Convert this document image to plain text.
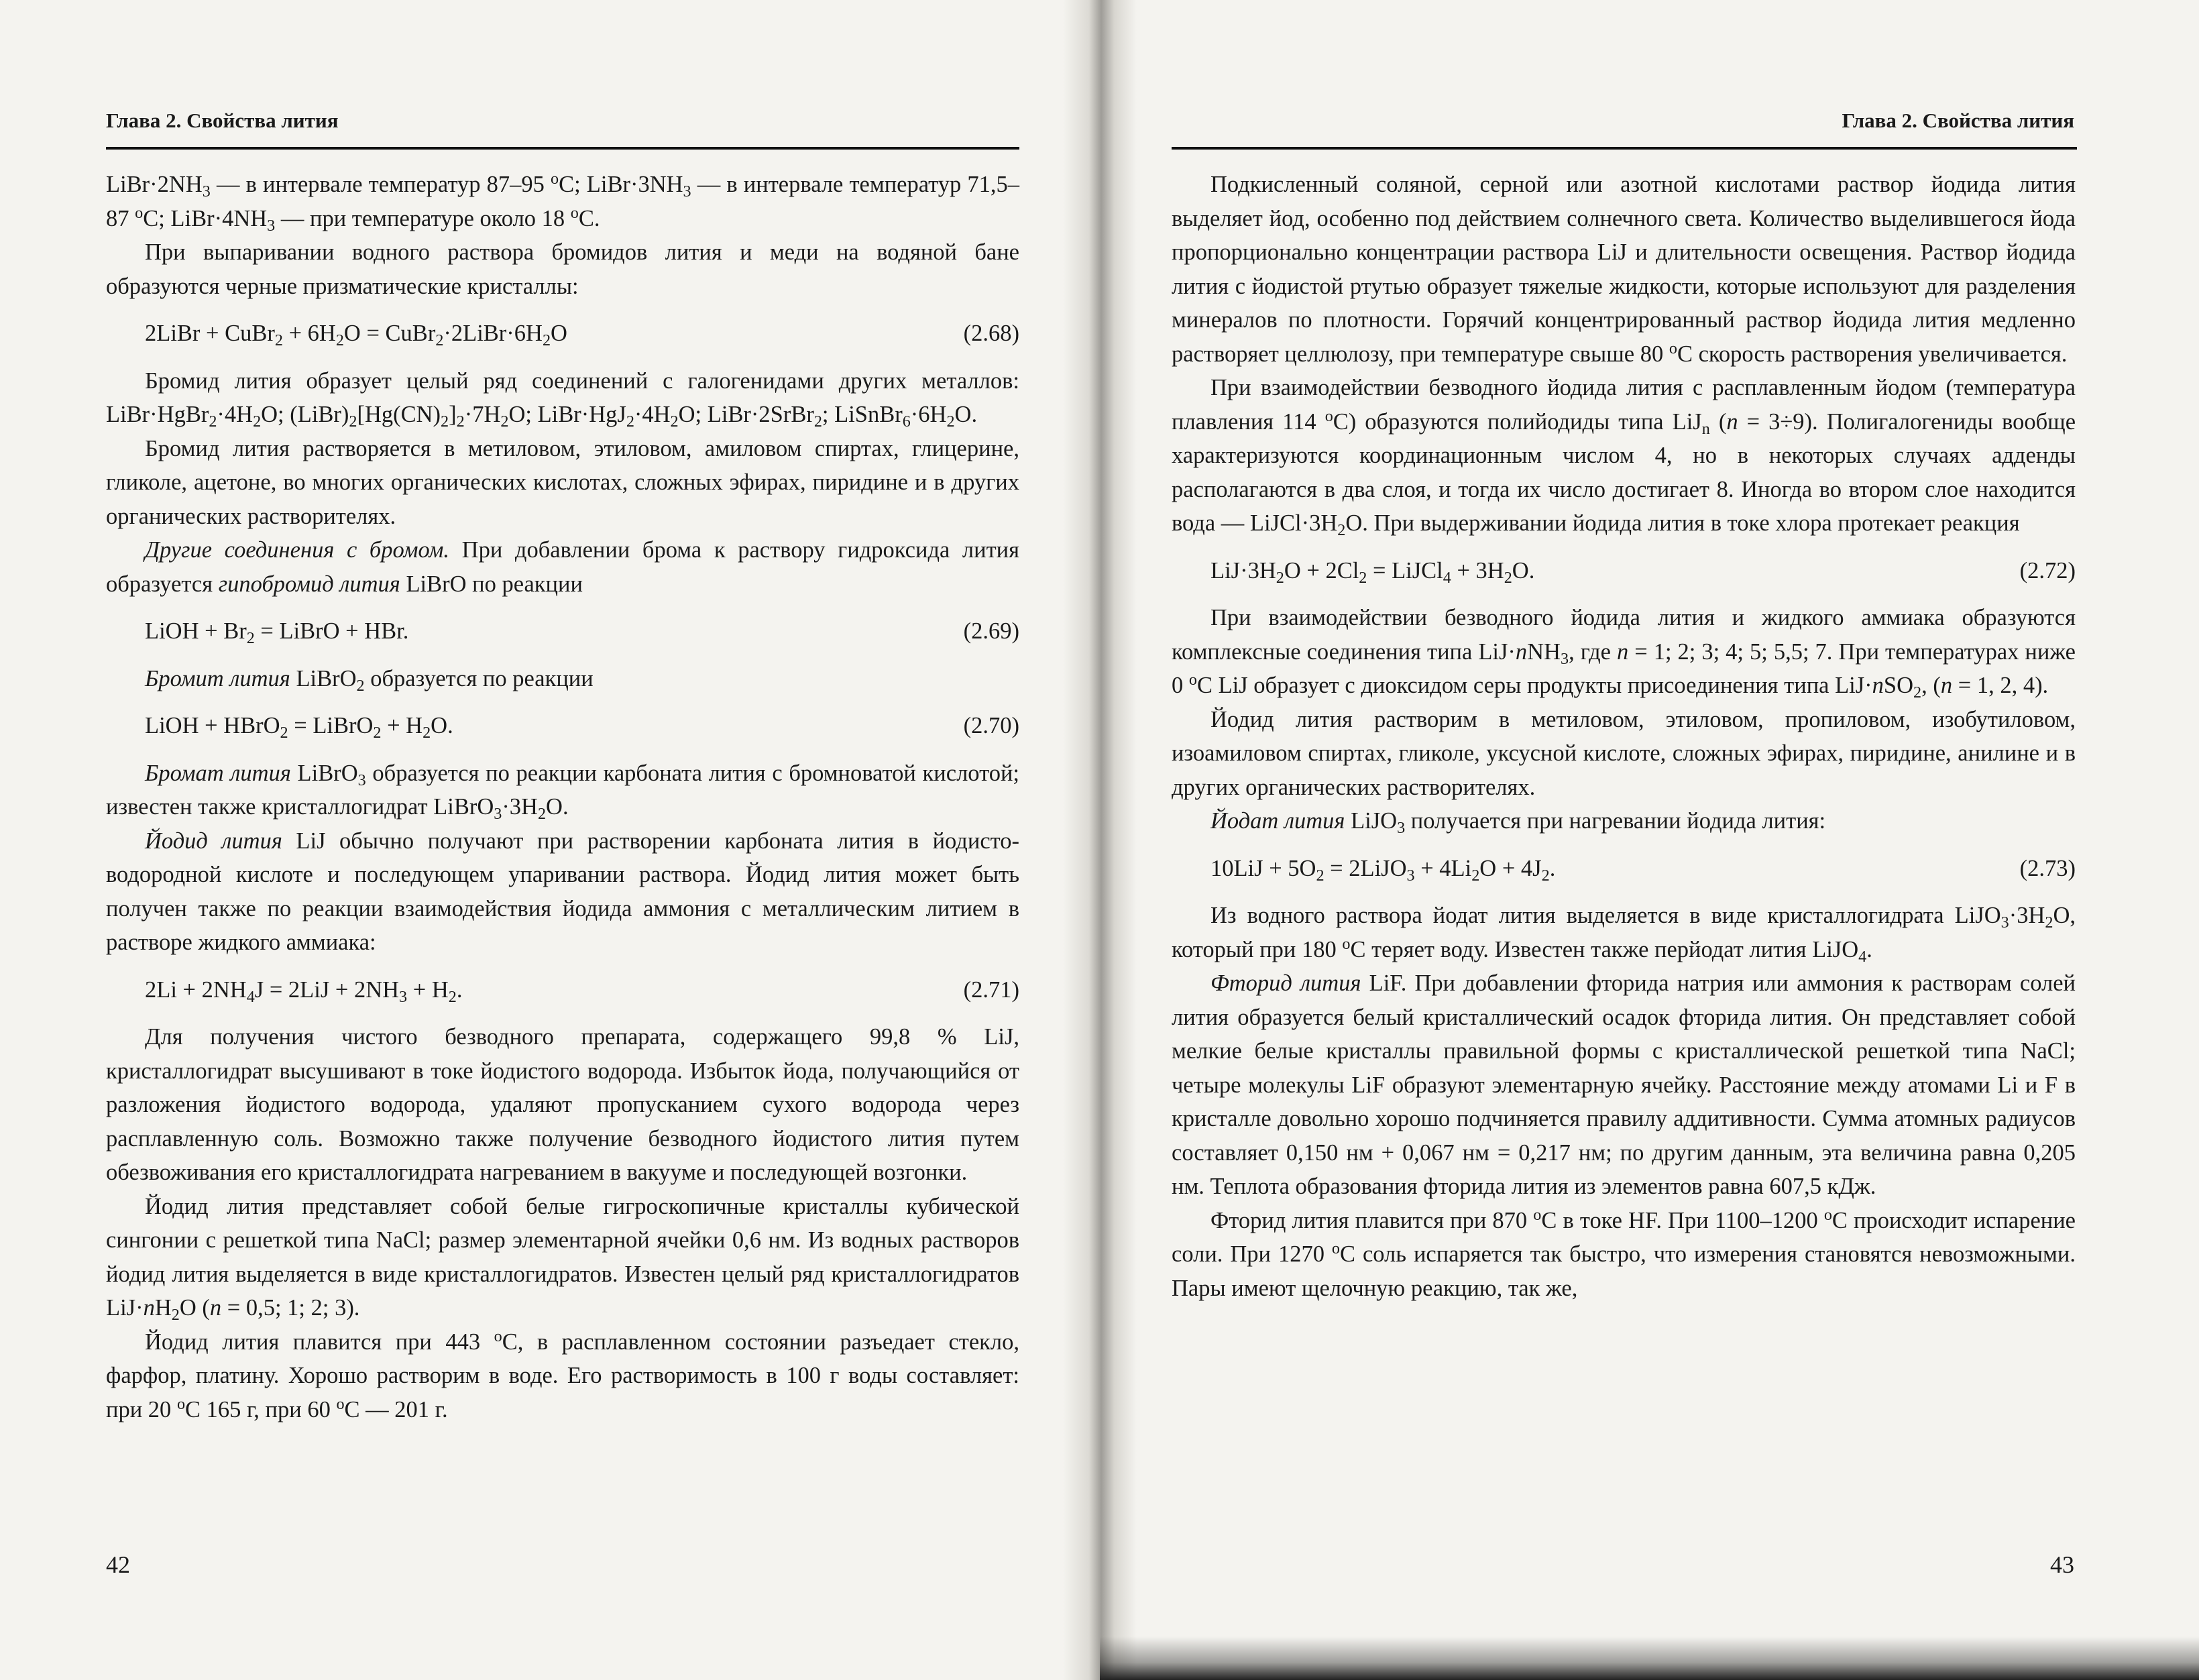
Глава 2. Свойства лития

$LiBr\cdot 2NH_3$ — в интервале температур 87–95 $^o$C; $LiBr\cdot 3NH_3$ — в интервале температур 71,5–87 $^o$C; $LiBr\cdot 4NH_3$ — при температуре около 18 $^o$C.

При выпаривании водного раствора бромидов лития и меди на водяной бане образуются черные призматические кристаллы:

2LiBr + CuBr$_2$ + $6H_2O$ = $CuBr_2\cdot 2LiBr\cdot 6H_2O$	(2.68)

Бромид лития образует целый ряд соединений с галогенидами других металлов: $LiBr\cdot HgBr_2\cdot 4H_2O$; $(LiBr)_2[Hg(CN)_2]_2\cdot 7H_2O$; $LiBr\cdot HgJ_2\cdot 4H_2O$; LiBr·2SrBr$_2$; $LiSnBr_6\cdot 6H_2O$.

Бромид лития растворяется в метиловом, этиловом, амиловом спиртах, глицерине, гликоле, ацетоне, во многих органических кислотах, сложных эфирах, пиридине и в других органических растворителях.

Другие соединения с бромом. При добавлении брома к раствору гидроксида лития образуется гипобромид лития LiBrO по реакции

LiOH + $Br_2$ = LiBrO + HBr.	(2.69)

Бромит лития LiBrO$_2$ образуется по реакции

LiOH + HBrO$_2$ = LiBrO$_2$ + $H_2O$.	(2.70)

Бромат лития LiBrO$_3$ образуется по реакции карбоната лития с бромноватой кислотой; известен также кристаллогидрат $LiBrO_3\cdot 3H_2O$.

Йодид лития LiJ обычно получают при растворении карбоната лития в йодисто-водородной кислоте и последующем упаривании раствора. Йодид лития может быть получен также по реакции взаимодействия йодида аммония с металлическим литием в растворе жидкого аммиака:

$2Li + 2NH_4J = 2LiJ + 2NH_3 + H_2$.	(2.71)

Для получения чистого безводного препарата, содержащего 99,8 % LiJ, кристаллогидрат высушивают в токе йодистого водорода. Избыток йода, получающийся от разложения йодистого водорода, удаляют пропусканием сухого водорода через расплавленную соль. Возможно также получение безводного йодистого лития путем обезвоживания его кристаллогидрата нагреванием в вакууме и последующей возгонки.

Йодид лития представляет собой белые гигроскопичные кристаллы кубической сингонии с решеткой типа NaCl; размер элементарной ячейки 0,6 нм. Из водных растворов йодид лития выделяется в виде кристаллогидратов. Известен целый ряд кристаллогидратов $LiJ\cdot nH_2O$ (n = 0,5; 1; 2; 3).

Йодид лития плавится при 443 $^o$C, в расплавленном состоянии разъедает стекло, фарфор, платину. Хорошо растворим в воде. Его растворимость в 100 г воды составляет: при 20 $^o$C 165 г, при 60 $^o$C — 201 г.

42
Глава 2. Свойства лития

Подкисленный соляной, серной или азотной кислотами раствор йодида лития выделяет йод, особенно под действием солнечного света. Количество выделившегося йода пропорционально концентрации раствора LiJ и длительности освещения. Раствор йодида лития с йодистой ртутью образует тяжелые жидкости, которые используют для разделения минералов по плотности. Горячий концентрированный раствор йодида лития медленно растворяет целлюлозу, при температуре свыше 80 $^o$C скорость растворения увеличивается.

При взаимодействии безводного йодида лития с расплавленным йодом (температура плавления 114 $^o$C) образуются полийодиды типа LiJ$_n$ (n = 3÷9). Полигалогениды вообще характеризуются координационным числом 4, но в некоторых случаях адденды располагаются в два слоя, и тогда их число достигает 8. Иногда во втором слое находится вода — $LiJCl\cdot 3H_2O$. При выдерживании йодида лития в токе хлора протекает реакция

$LiJ\cdot 3H_2O + 2Cl_2$ = LiJCl$_4$ + $3H_2O$.	(2.72)

При взаимодействии безводного йодида лития и жидкого аммиака образуются комплексные соединения типа LiJ·nNH$_3$, где n = 1; 2; 3; 4; 5; 5,5; 7. При температурах ниже 0 $^o$C LiJ образует с диоксидом серы продукты присоединения типа LiJ·nSO$_2$, (n = 1, 2, 4).

Йодид лития растворим в метиловом, этиловом, пропиловом, изобутиловом, изоамиловом спиртах, гликоле, уксусной кислоте, сложных эфирах, пиридине, анилине и в других органических растворителях.

Йодат лития LiJO$_3$ получается при нагревании йодида лития:

$10LiJ + 5O_2$ = 2LiJO$_3$ + $4Li_2O + 4J_2$.	(2.73)

Из водного раствора йодат лития выделяется в виде кристаллогидрата $LiJO_3\cdot 3H_2O$, который при 180 $^o$C теряет воду. Известен также перйодат лития LiJO$_4$.

Фторид лития LiF. При добавлении фторида натрия или аммония к растворам солей лития образуется белый кристаллический осадок фторида лития. Он представляет собой мелкие белые кристаллы правильной формы с кристаллической решеткой типа NaCl; четыре молекулы LiF образуют элементарную ячейку. Расстояние между атомами Li и F в кристалле довольно хорошо подчиняется правилу аддитивности. Сумма атомных радиусов составляет 0,150 нм + 0,067 нм = 0,217 нм; по другим данным, эта величина равна 0,205 нм. Теплота образования фторида лития из элементов равна 607,5 кДж.

Фторид лития плавится при 870 $^o$C в токе HF. При 1100–1200 $^o$C происходит испарение соли. При 1270 $^o$C соль испаряется так быстро, что измерения становятся невозможными. Пары имеют щелочную реакцию, так же,

43
